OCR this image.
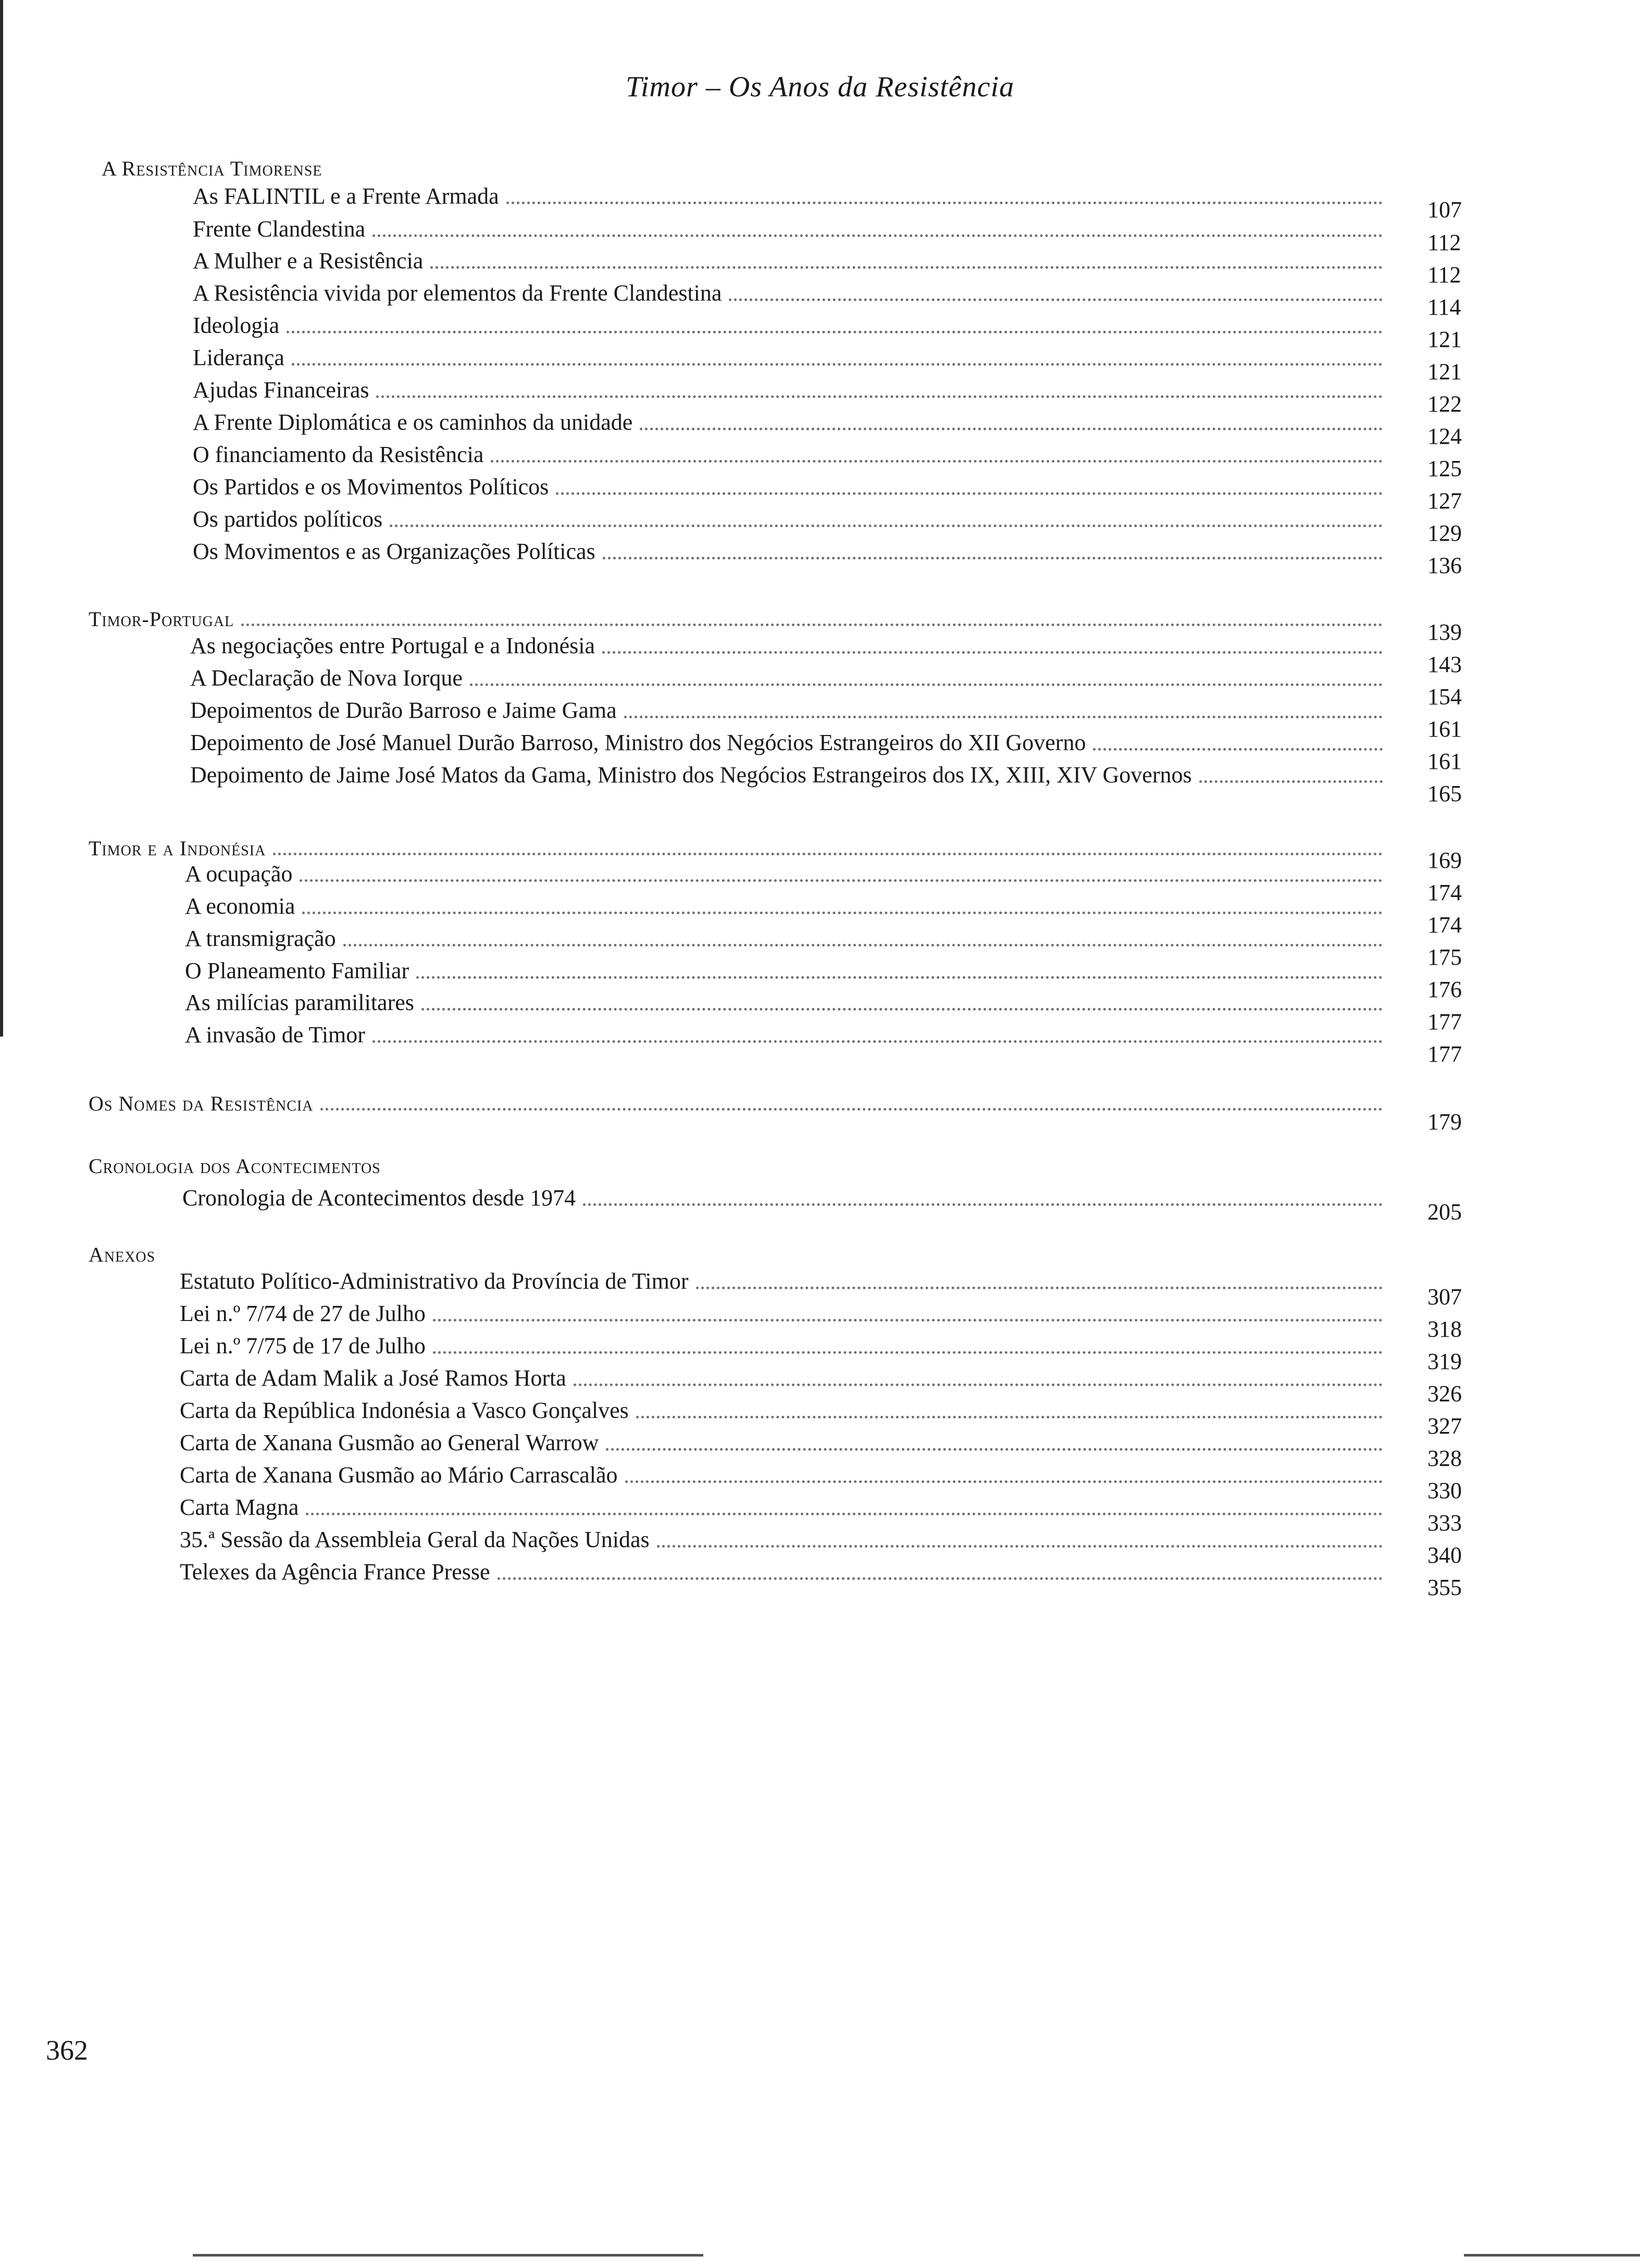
Timor – Os Anos da Resistência
A Resistência Timorense
As FALINTIL e a Frente Armada
Frente Clandestina
A Mulher e a Resistência
A Resistência vivida por elementos da Frente Clandestina
Ideologia
Liderança
Ajudas Financeiras
A Frente Diplomática e os caminhos da unidade
O financiamento da Resistência
Os Partidos e os Movimentos Políticos
Os partidos políticos
Os Movimentos e as Organizações Políticas
Timor-Portugal
As negociações entre Portugal e a Indonésia
A Declaração de Nova Iorque
Depoimentos de Durão Barroso e Jaime Gama
Depoimento de José Manuel Durão Barroso, Ministro dos Negócios Estrangeiros do XII Governo
Depoimento de Jaime José Matos da Gama, Ministro dos Negócios Estrangeiros dos IX, XIII, XIV Governos
Timor e a Indonésia
A ocupação
A economia
A transmigração
O Planeamento Familiar
As milícias paramilitares
A invasão de Timor
Os Nomes da Resistência
Cronologia dos Acontecimentos
Cronologia de Acontecimentos desde 1974
Anexos
Estatuto Político-Administrativo da Província de Timor
Lei n.º 7/74 de 27 de Julho
Lei n.º 7/75 de 17 de Julho
Carta de Adam Malik a José Ramos Horta
Carta da República Indonésia a Vasco Gonçalves
Carta de Xanana Gusmão ao General Warrow
Carta de Xanana Gusmão ao Mário Carrascalão
Carta Magna
35.ª Sessão da Assembleia Geral da Nações Unidas
Telexes da Agência France Presse
107
112
112
114
121
121
122
124
125
127
129
136
139
143
154
161
161
165
169
174
174
175
176
177
177
179
205
307
318
319
326
327
328
330
333
340
355
362
